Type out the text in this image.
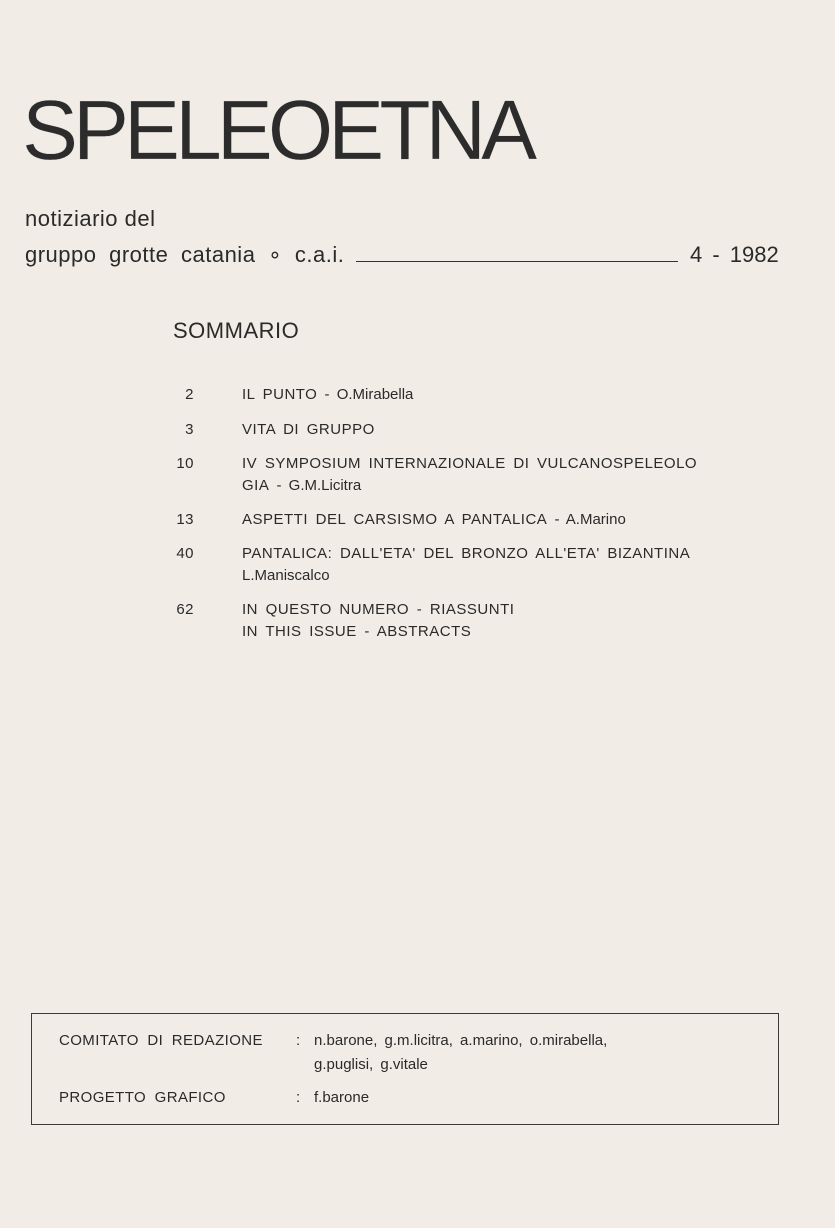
SPELEOETNA
notiziario del
gruppo grotte catania ∘ c.a.i.	4 - 1982
SOMMARIO
2	IL PUNTO - O.Mirabella
3	VITA DI GRUPPO
10	IV SYMPOSIUM INTERNAZIONALE DI VULCANOSPELEOLO
GIA - G.M.Licitra
13	ASPETTI DEL CARSISMO A PANTALICA - A.Marino
40	PANTALICA: DALL'ETA' DEL BRONZO ALL'ETA' BIZANTINA
L.Maniscalco
62	IN QUESTO NUMERO - RIASSUNTI
IN THIS ISSUE - ABSTRACTS
COMITATO DI REDAZIONE : n.barone, g.m.licitra, a.marino, o.mirabella,
g.puglisi, g.vitale
PROGETTO GRAFICO	: f.barone
